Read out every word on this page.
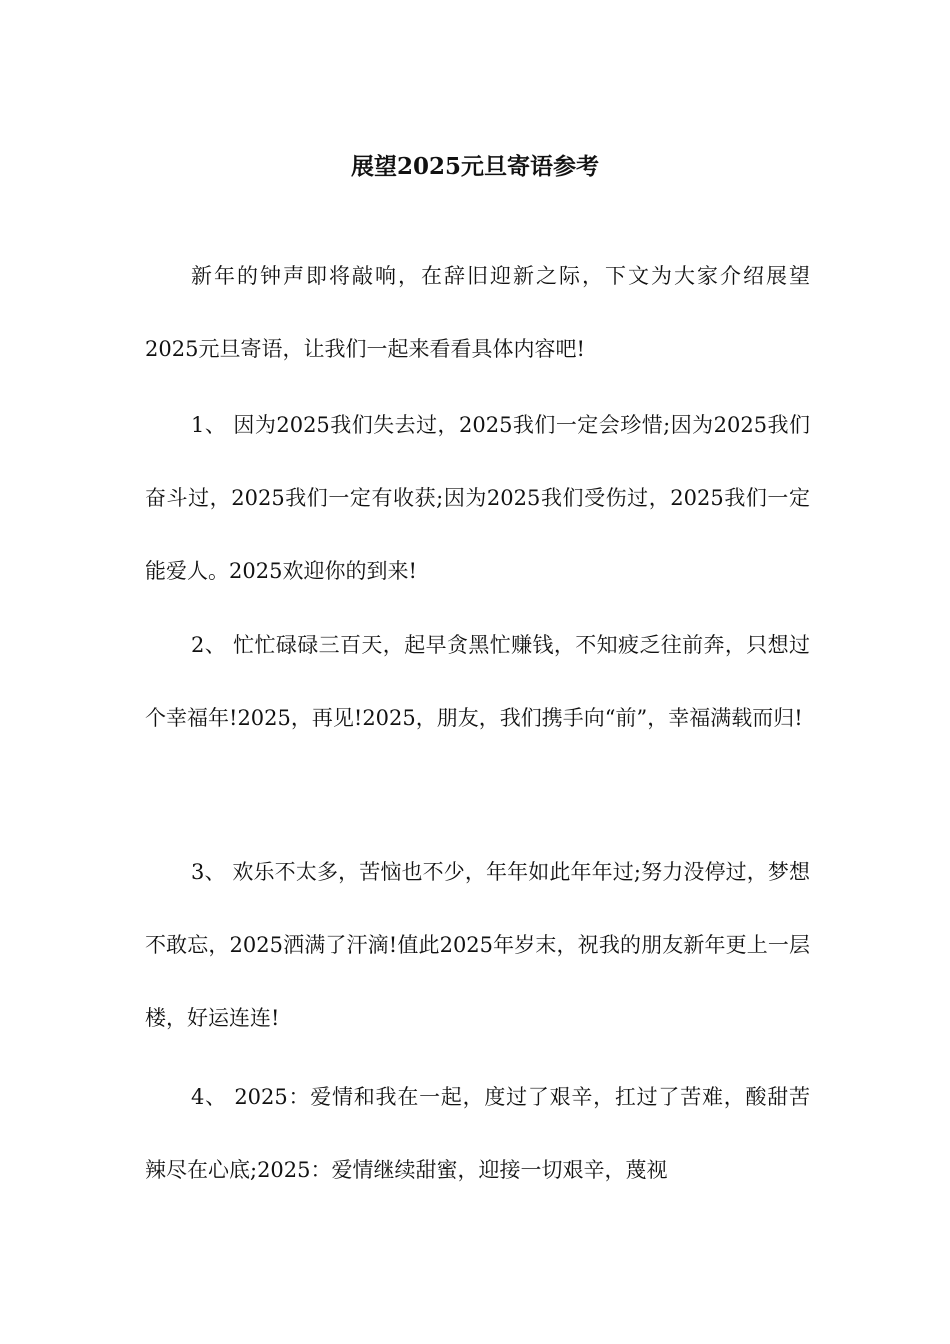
展望2025元旦寄语参考

新年的钟声即将敲响，在辞旧迎新之际，下文为大家介绍展望2025元旦寄语，让我们一起来看看具体内容吧!

1、 因为2025我们失去过，2025我们一定会珍惜;因为2025我们奋斗过，2025我们一定有收获;因为2025我们受伤过，2025我们一定能爱人。2025欢迎你的到来!

2、 忙忙碌碌三百天，起早贪黑忙赚钱，不知疲乏往前奔，只想过个幸福年!2025，再见!2025，朋友，我们携手向“前”，幸福满载而归!

3、 欢乐不太多，苦恼也不少，年年如此年年过;努力没停过，梦想不敢忘，2025洒满了汗滴!值此2025年岁末，祝我的朋友新年更上一层楼，好运连连!

4、 2025：爱情和我在一起，度过了艰辛，扛过了苦难，酸甜苦辣尽在心底;2025：爱情继续甜蜜，迎接一切艰辛，蔑视
